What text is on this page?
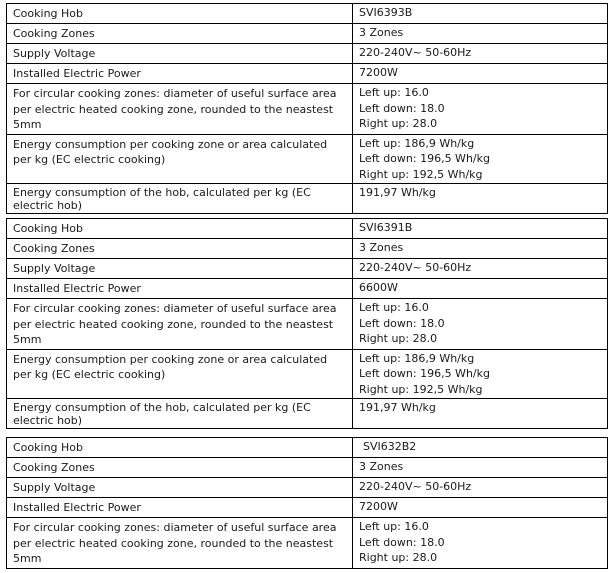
Cooking Hob	SVI6393B
Cooking Zones	3 Zones
Supply Voltage	220-240V~ 50-60Hz
Installed Electric Power	7200W
For circular cooking zones: diameter of useful surface area per electric heated cooking zone, rounded to the neastest 5mm	Left up: 16.0
Left down: 18.0
Right up: 28.0

Energy consumption per cooking zone or area calculated per kg (EC electric cooking)	Left up: 186,9 Wh/kg
Left down: 196,5 Wh/kg
Right up: 192,5 Wh/kg

Energy consumption of the hob, calculated per kg (EC electric hob)	191,97 Wh/kg
Cooking Hob	SVI6391B
Cooking Zones	3 Zones
Supply Voltage	220-240V~ 50-60Hz
Installed Electric Power	6600W
For circular cooking zones: diameter of useful surface area per electric heated cooking zone, rounded to the neastest 5mm	Left up: 16.0
Left down: 18.0
Right up: 28.0

Energy consumption per cooking zone or area calculated per kg (EC electric cooking)	Left up: 186,9 Wh/kg
Left down: 196,5 Wh/kg
Right up: 192,5 Wh/kg

Energy consumption of the hob, calculated per kg (EC electric hob)	191,97 Wh/kg
Cooking Hob	SVI632B2
Cooking Zones	3 Zones
Supply Voltage	220-240V~ 50-60Hz
Installed Electric Power	7200W
For circular cooking zones: diameter of useful surface area per electric heated cooking zone, rounded to the neastest 5mm	Left up: 16.0
Left down: 18.0
Right up: 28.0
